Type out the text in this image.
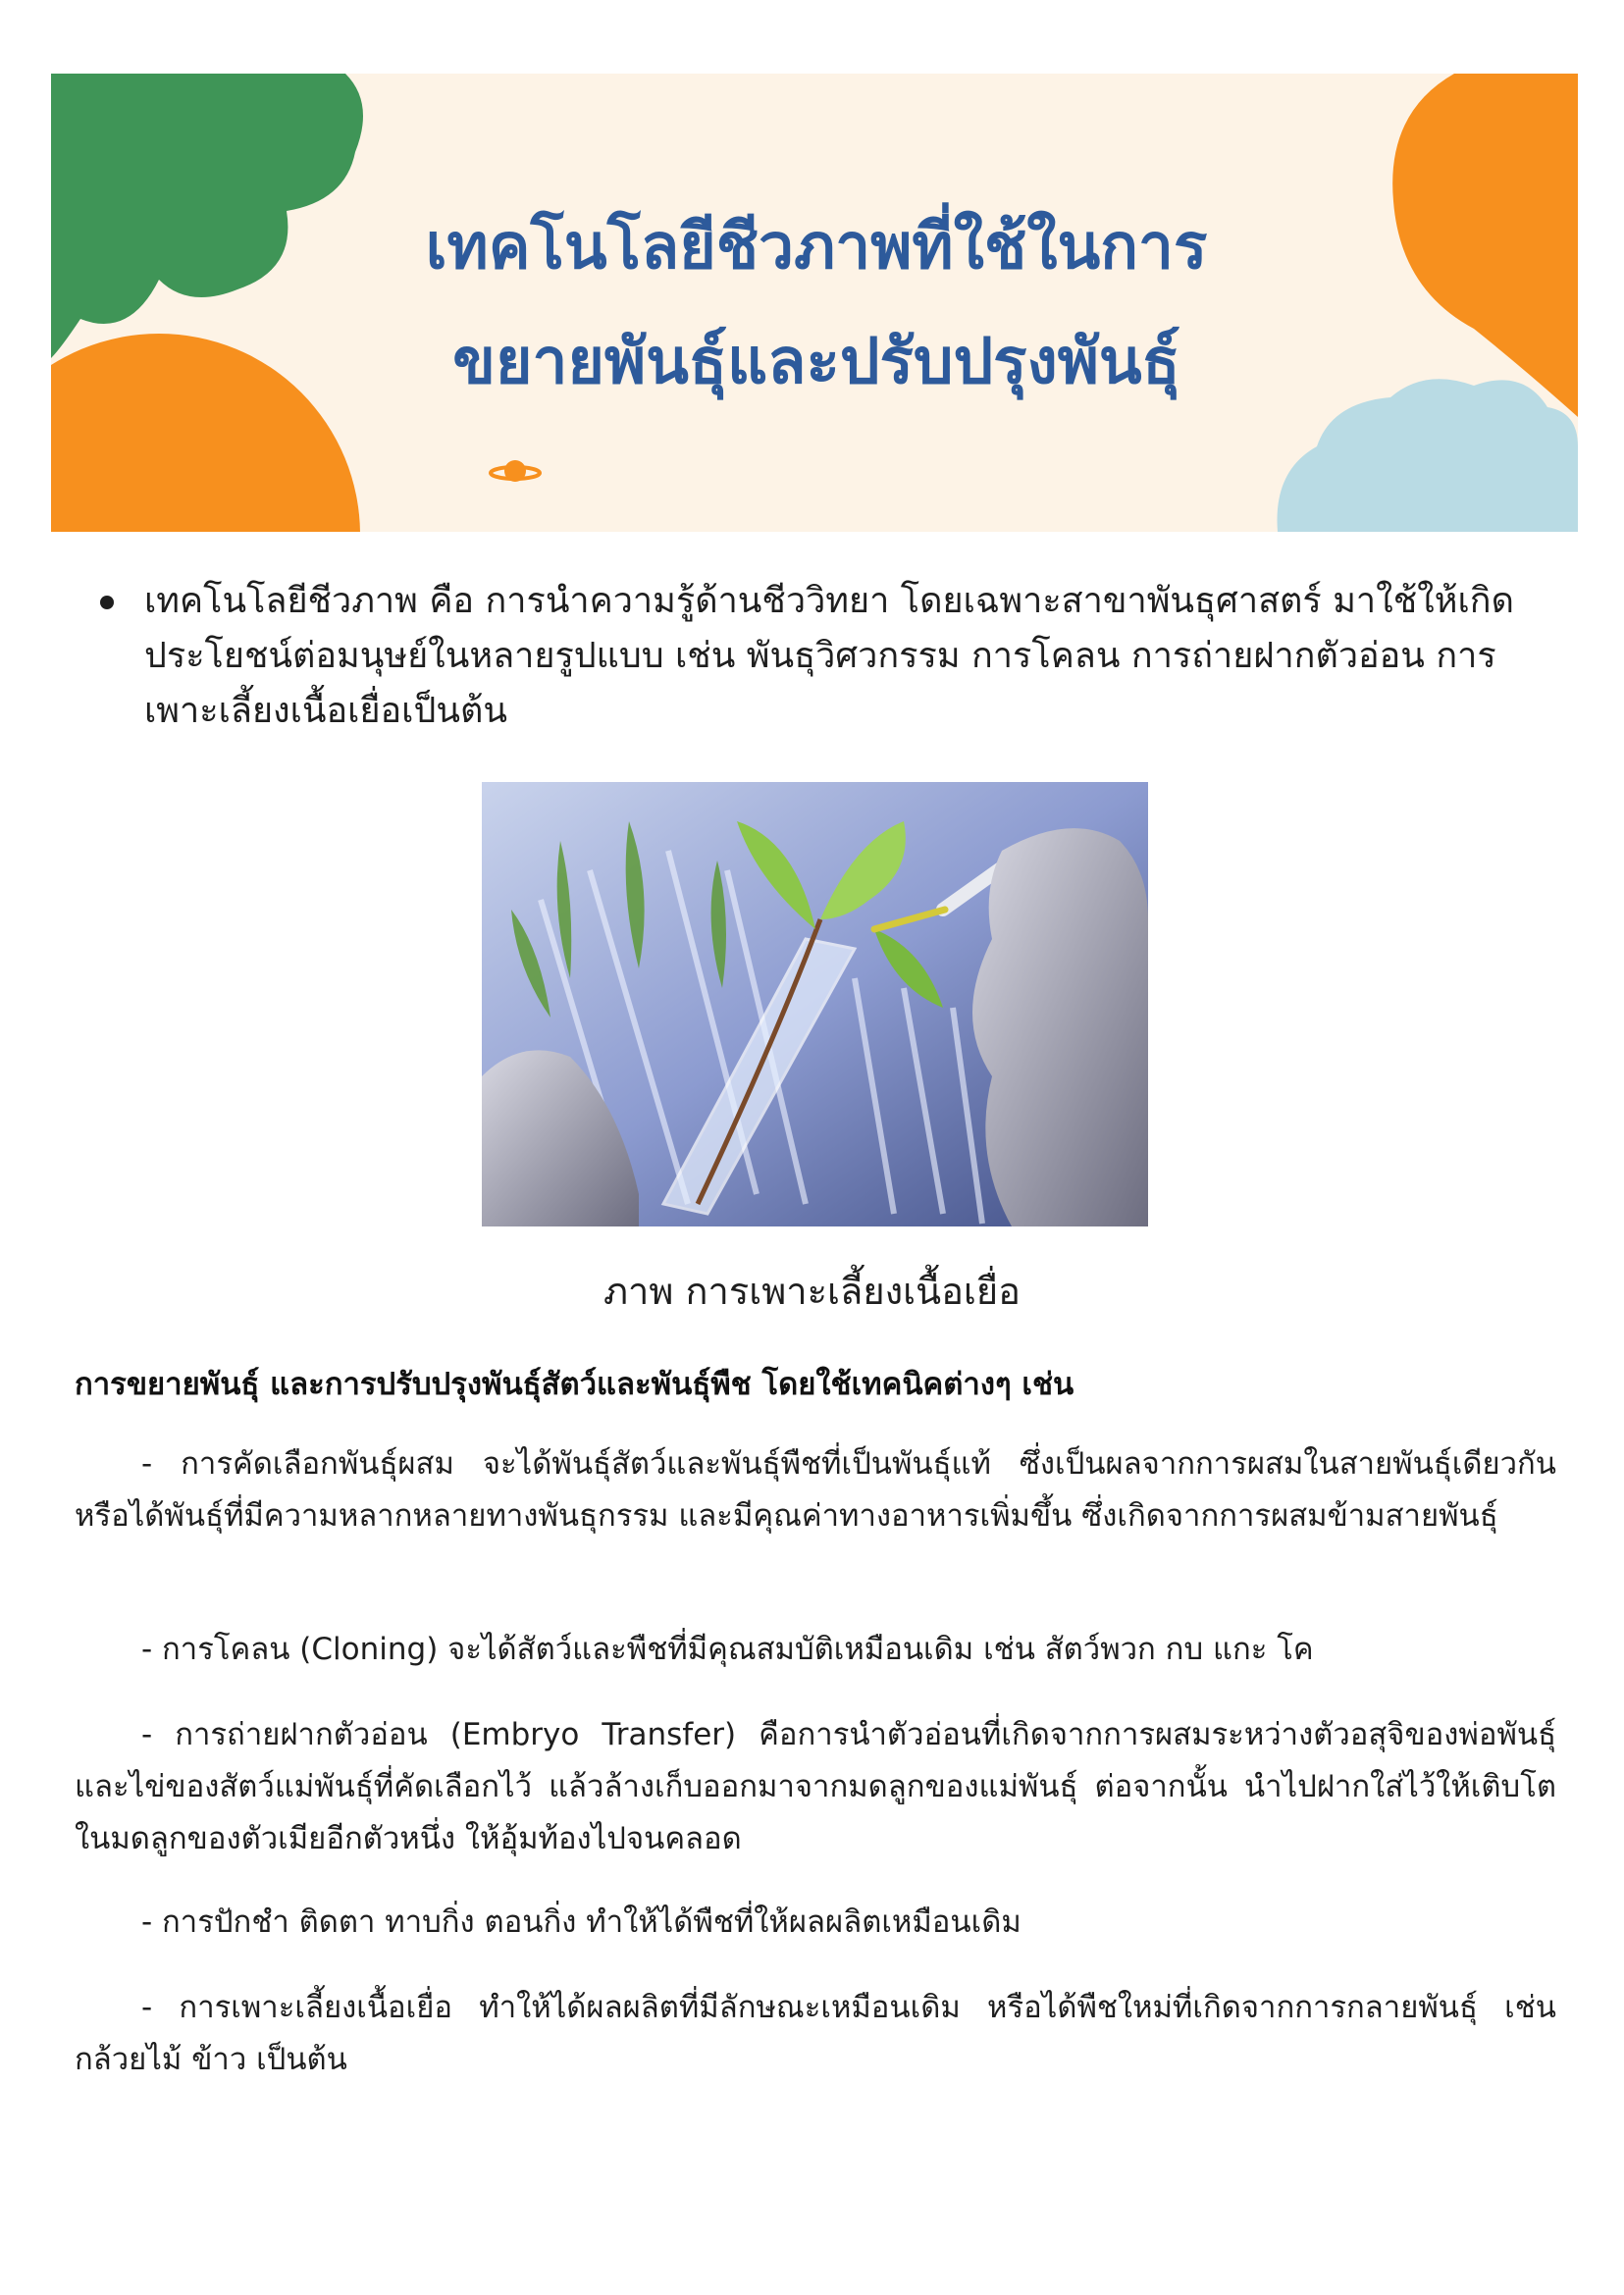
เทคโนโลยีชีวภาพที่ใช้ในการ
ขยายพันธุ์และปรับปรุงพันธุ์
เทคโนโลยีชีวภาพ คือ การนำความรู้ด้านชีววิทยา โดยเฉพาะสาขาพันธุศาสตร์ มาใช้ให้เกิดประโยชน์ต่อมนุษย์ในหลายรูปแบบ เช่น พันธุวิศวกรรม การโคลน การถ่ายฝากตัวอ่อน การเพาะเลี้ยงเนื้อเยื่อเป็นต้น
ภาพ การเพาะเลี้ยงเนื้อเยื่อ
การขยายพันธุ์ และการปรับปรุงพันธุ์สัตว์และพันธุ์พืช โดยใช้เทคนิคต่างๆ เช่น
- การคัดเลือกพันธุ์ผสม จะได้พันธุ์สัตว์และพันธุ์พืชที่เป็นพันธุ์แท้ ซึ่งเป็นผลจากการผสมในสายพันธุ์เดียวกัน หรือได้พันธุ์ที่มีความหลากหลายทางพันธุกรรม และมีคุณค่าทางอาหารเพิ่มขึ้น ซึ่งเกิดจากการผสมข้ามสายพันธุ์
- การโคลน (Cloning) จะได้สัตว์และพืชที่มีคุณสมบัติเหมือนเดิม เช่น สัตว์พวก กบ แกะ โค
- การถ่ายฝากตัวอ่อน (Embryo Transfer) คือการนำตัวอ่อนที่เกิดจากการผสมระหว่างตัวอสุจิของพ่อพันธุ์ และไข่ของสัตว์แม่พันธุ์ที่คัดเลือกไว้ แล้วล้างเก็บออกมาจากมดลูกของแม่พันธุ์ ต่อจากนั้น นำไปฝากใส่ไว้ให้เติบโตในมดลูกของตัวเมียอีกตัวหนึ่ง ให้อุ้มท้องไปจนคลอด
- การปักชำ ติดตา ทาบกิ่ง ตอนกิ่ง ทำให้ได้พืชที่ให้ผลผลิตเหมือนเดิม
- การเพาะเลี้ยงเนื้อเยื่อ ทำให้ได้ผลผลิตที่มีลักษณะเหมือนเดิม หรือได้พืชใหม่ที่เกิดจากการกลายพันธุ์ เช่น กล้วยไม้ ข้าว เป็นต้น
